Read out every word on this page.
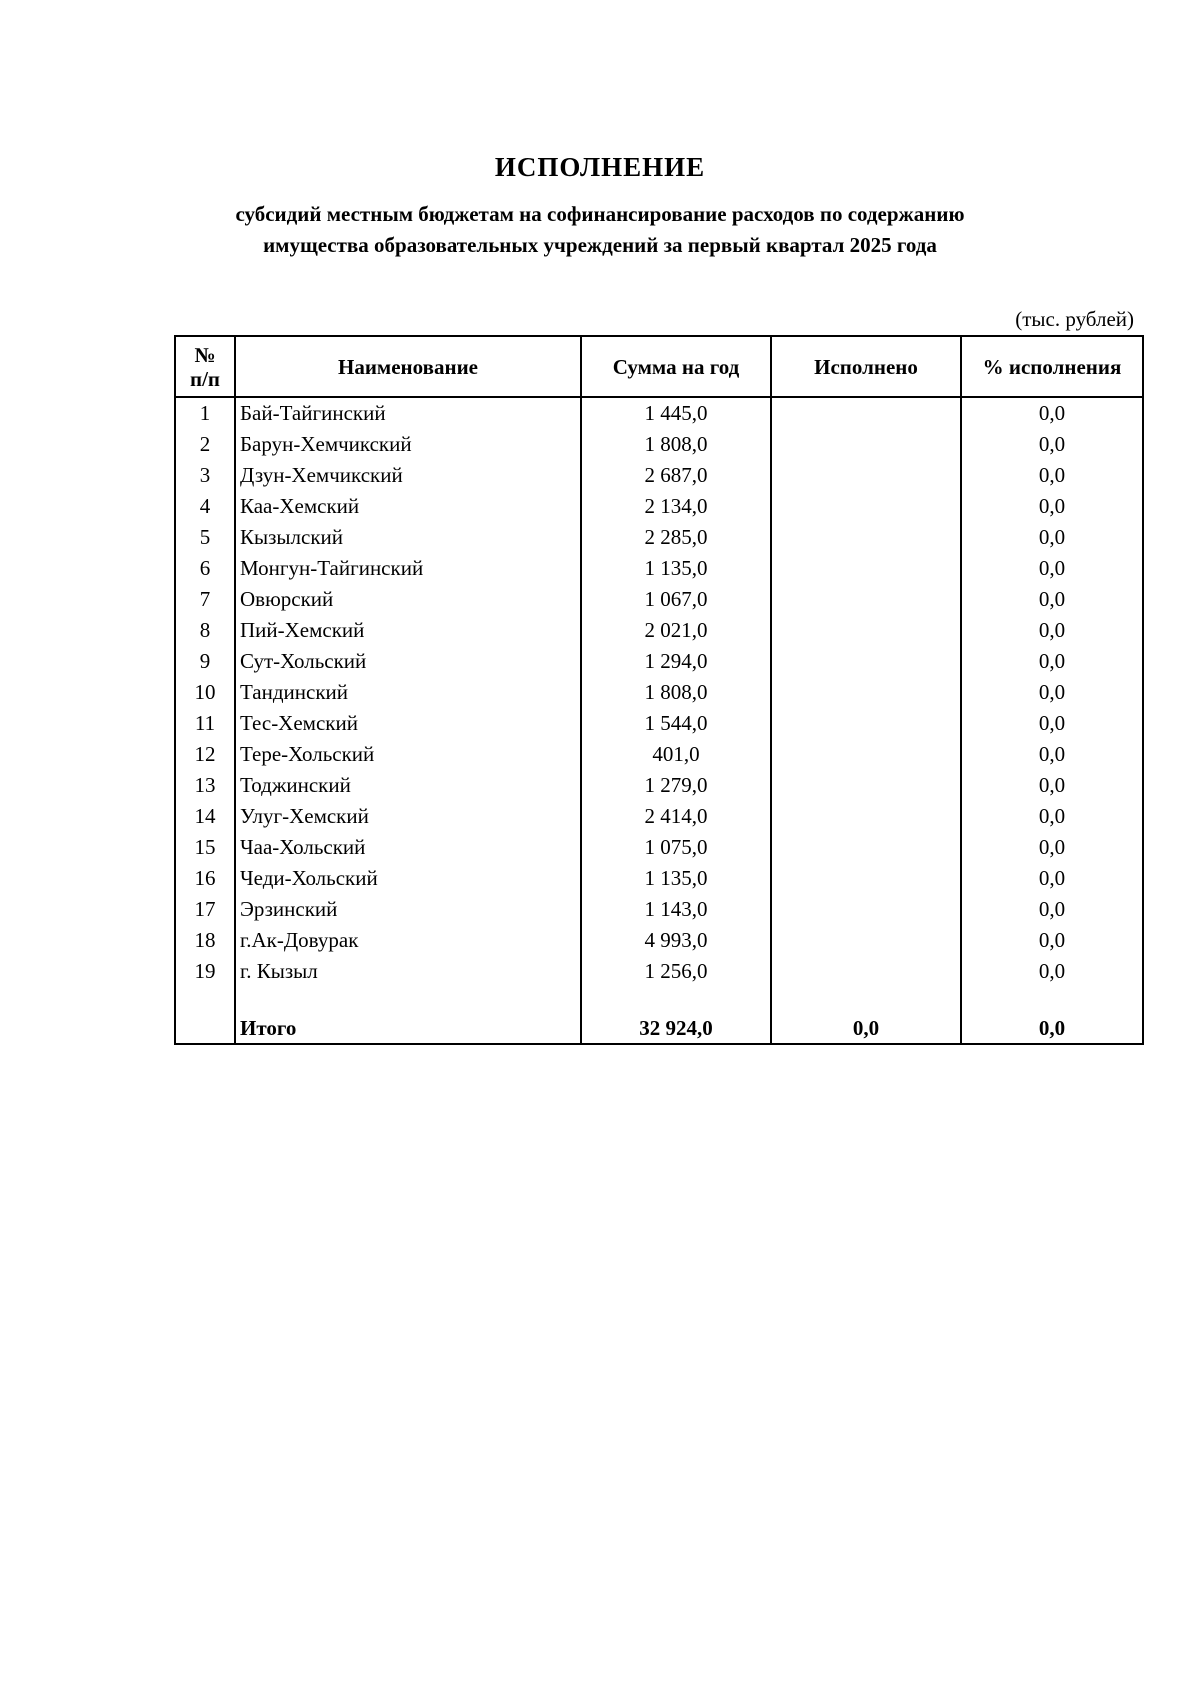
ИСПОЛНЕНИЕ
субсидий местным бюджетам на софинансирование расходов по содержанию
имущества образовательных учреждений за первый квартал 2025 года
(тыс. рублей)
№
п/п	Наименование	Сумма на год	Исполнено	% исполнения
1	Бай-Тайгинский	1 445,0		0,0
2	Барун-Хемчикский	1 808,0		0,0
3	Дзун-Хемчикский	2 687,0		0,0
4	Каа-Хемский	2 134,0		0,0
5	Кызылский	2 285,0		0,0
6	Монгун-Тайгинский	1 135,0		0,0
7	Овюрский	1 067,0		0,0
8	Пий-Хемский	2 021,0		0,0
9	Сут-Хольский	1 294,0		0,0
10	Тандинский	1 808,0		0,0
11	Тес-Хемский	1 544,0		0,0
12	Тере-Хольский	401,0		0,0
13	Тоджинский	1 279,0		0,0
14	Улуг-Хемский	2 414,0		0,0
15	Чаа-Хольский	1 075,0		0,0
16	Чеди-Хольский	1 135,0		0,0
17	Эрзинский	1 143,0		0,0
18	г.Ак-Довурак	4 993,0		0,0
19	г. Кызыл	1 256,0		0,0

	Итого	32 924,0	0,0	0,0
